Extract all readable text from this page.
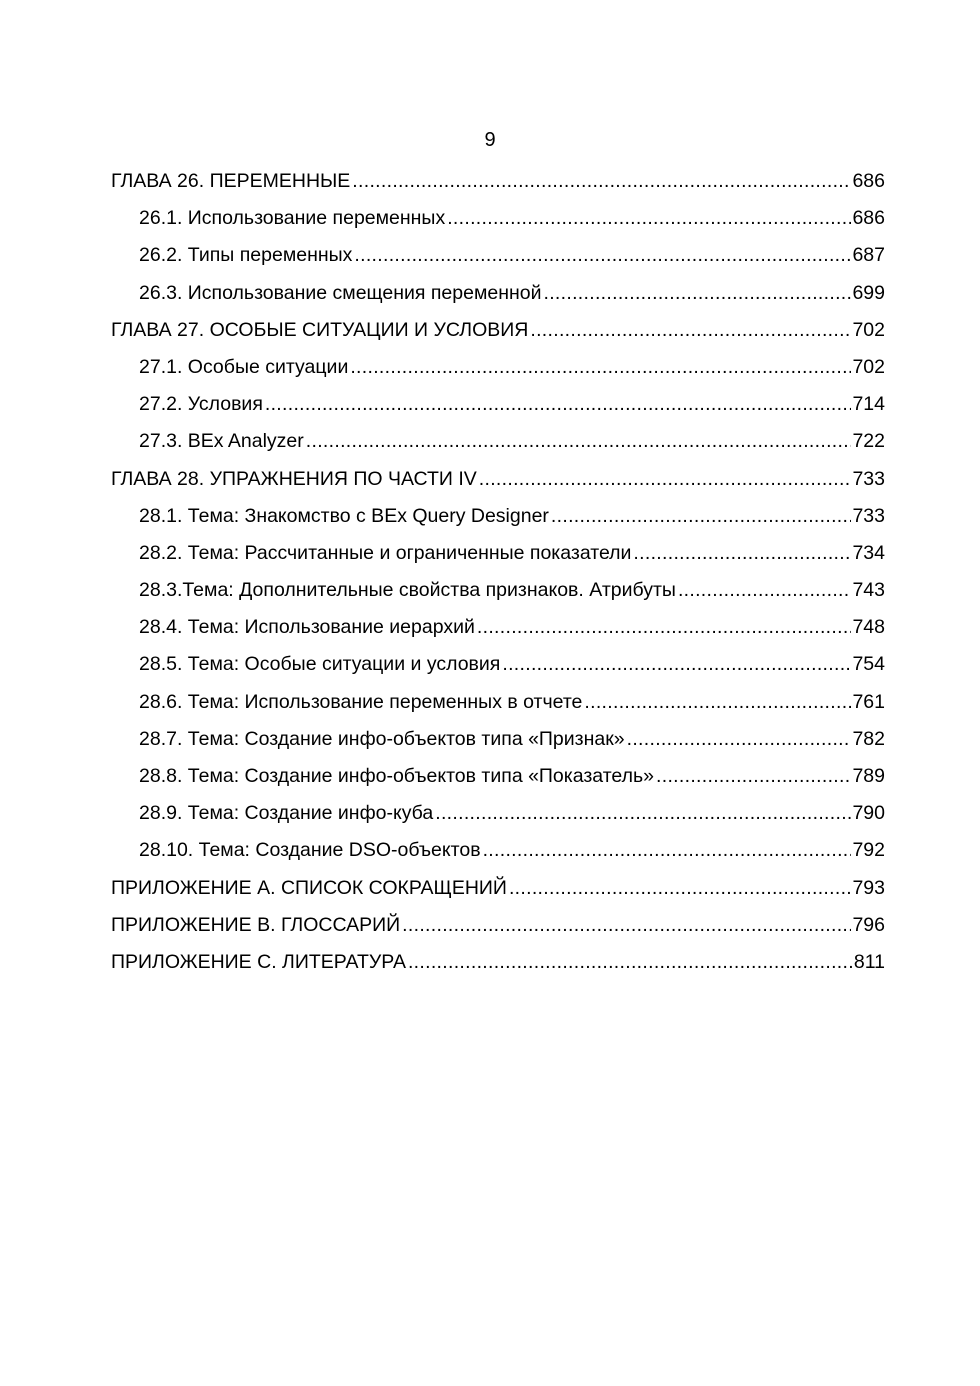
9
ГЛАВА 26. ПЕРЕМЕННЫЕ .....	686
26.1. Использование переменных .....	686
26.2. Типы переменных .....	687
26.3. Использование смещения переменной .....	699
ГЛАВА 27. ОСОБЫЕ СИТУАЦИИ И УСЛОВИЯ .....	702
27.1. Особые ситуации .....	702
27.2. Условия .....	714
27.3. BEx Analyzer .....	722
ГЛАВА 28. УПРАЖНЕНИЯ ПО ЧАСТИ IV .....	733
28.1. Тема: Знакомство с BEx Query Designer .....	733
28.2. Тема: Рассчитанные и ограниченные показатели .....	734
28.3.Тема: Дополнительные свойства признаков. Атрибуты .....	743
28.4. Тема: Использование иерархий .....	748
28.5. Тема: Особые ситуации и условия .....	754
28.6. Тема: Использование переменных в отчете .....	761
28.7. Тема: Создание инфо-объектов типа «Признак» .....	782
28.8. Тема: Создание инфо-объектов типа «Показатель» .....	789
28.9. Тема: Создание инфо-куба .....	790
28.10. Тема: Создание DSO-объектов .....	792
ПРИЛОЖЕНИЕ A. СПИСОК СОКРАЩЕНИЙ .....	793
ПРИЛОЖЕНИЕ B. ГЛОССАРИЙ .....	796
ПРИЛОЖЕНИЕ C. ЛИТЕРАТУРА .....	811
